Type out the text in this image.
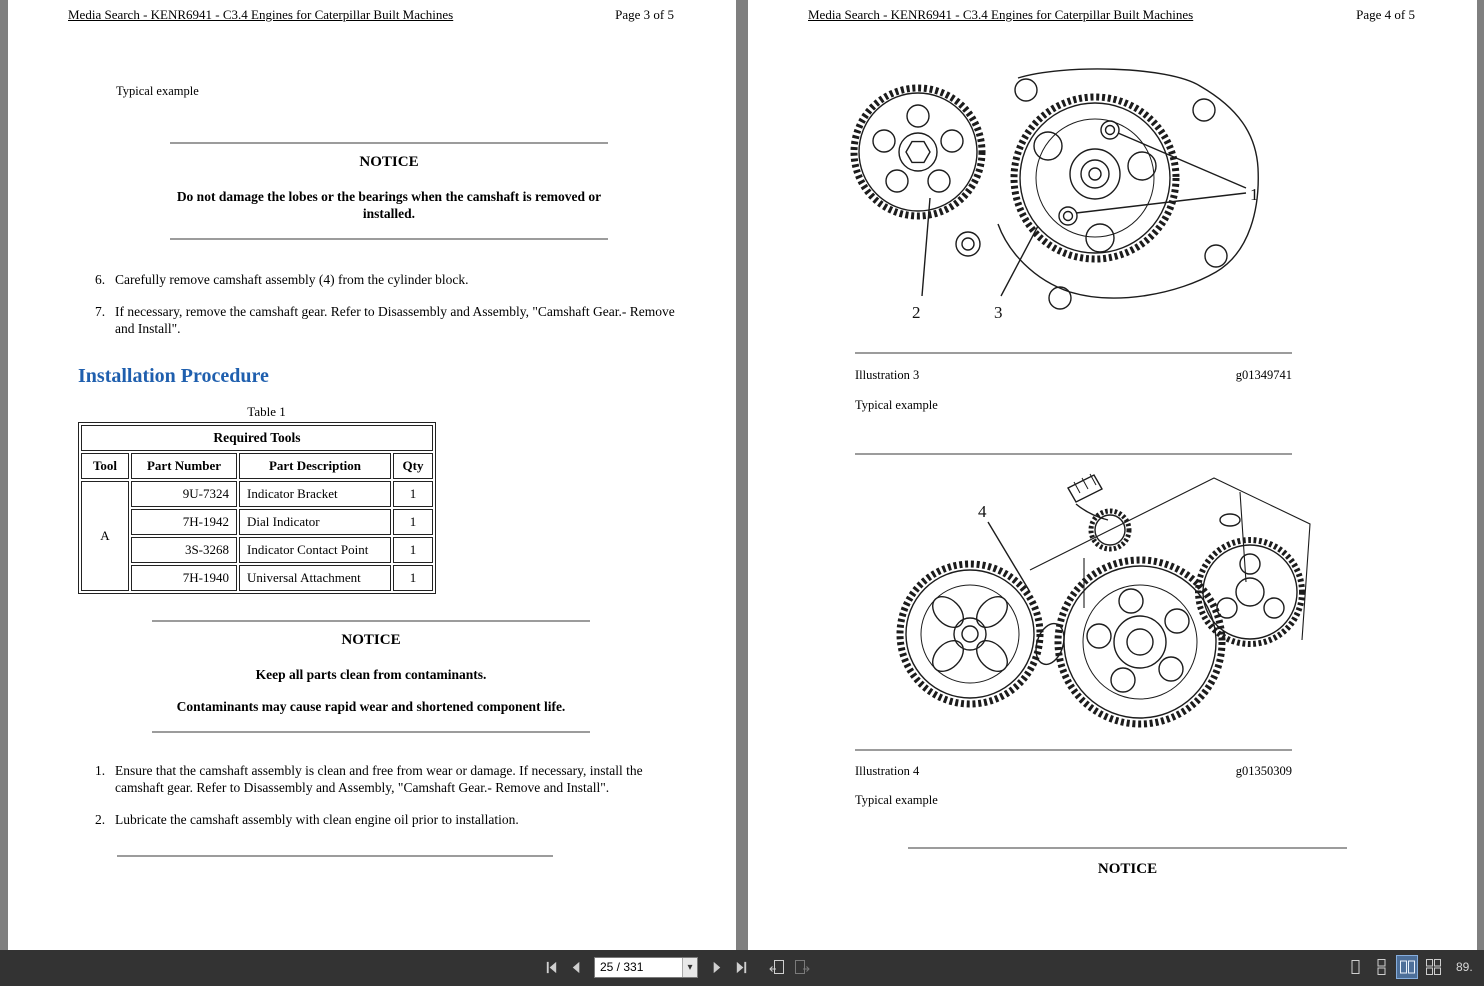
Media Search - KENR6941 - C3.4 Engines for Caterpillar Built Machines	Page 3 of 5
Typical example
NOTICE
Do not damage the lobes or the bearings when the camshaft is removed or installed.
6. Carefully remove camshaft assembly (4) from the cylinder block.
7. If necessary, remove the camshaft gear. Refer to Disassembly and Assembly, "Camshaft Gear.- Remove and Install".
Installation Procedure
Table 1
Required Tools			
Tool	Part Number	Part Description	Qty
A	9U-7324	Indicator Bracket	1
	7H-1942	Dial Indicator	1
	3S-3268	Indicator Contact Point	1
	7H-1940	Universal Attachment	1
NOTICE
Keep all parts clean from contaminants.
Contaminants may cause rapid wear and shortened component life.
1. Ensure that the camshaft assembly is clean and free from wear or damage. If necessary, install the camshaft gear. Refer to Disassembly and Assembly, "Camshaft Gear.- Remove and Install".
2. Lubricate the camshaft assembly with clean engine oil prior to installation.
Media Search - KENR6941 - C3.4 Engines for Caterpillar Built Machines	Page 4 of 5
2	3
1
Illustration 3	g01349741
Typical example
4
Illustration 4	g01350309
Typical example
NOTICE
25 / 331
▾	89.
